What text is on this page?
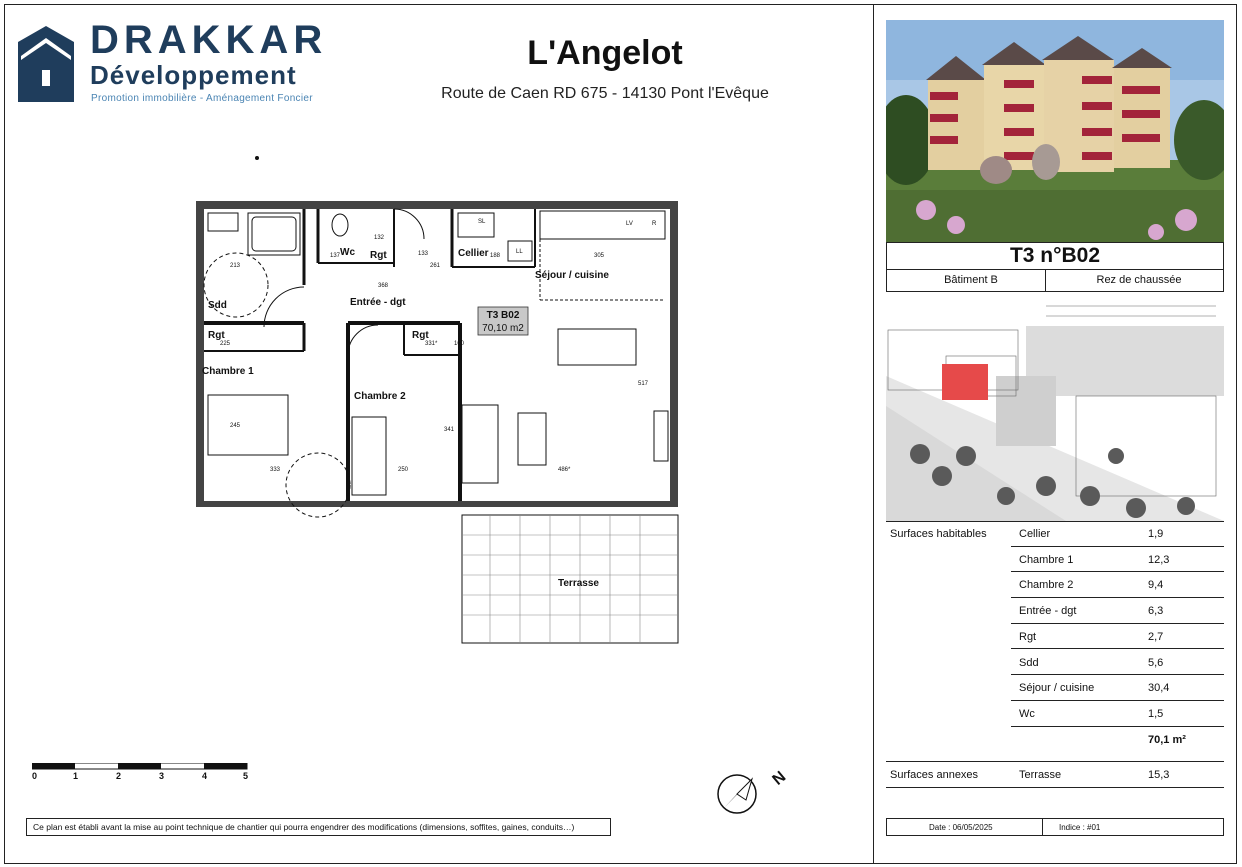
DRAKKAR
Développement
Promotion immobilière - Aménagement Foncier
L'Angelot
Route de Caen RD 675 - 14130 Pont l'Evêque
T3 B02
70,10 m2
Sdd
Wc Rgt	Cellier
Séjour / cuisine
Entrée - dgt
Rgt	Rgt
Chambre 1
Chambre 2
Terrasse
SL
LL
LV	R
225
368
305
333	250	486*
341
517
133	188
137
132
261
213
331*	100
245
0	1	2	3	4	5	N
Ce plan est établi avant la mise au point technique de chantier qui pourra engendrer des modifications (dimensions, soffites, gaines, conduits…)
T3 n°B02
Bâtiment B	Rez de chaussée
Surfaces habitables	Cellier	1,9
Chambre 1	12,3
Chambre 2	9,4
Entrée - dgt	6,3
Rgt	2,7
Sdd	5,6
Séjour / cuisine	30,4
Wc	1,5
70,1 m²
Surfaces annexes	Terrasse	15,3
Date : 06/05/2025	Indice : #01
